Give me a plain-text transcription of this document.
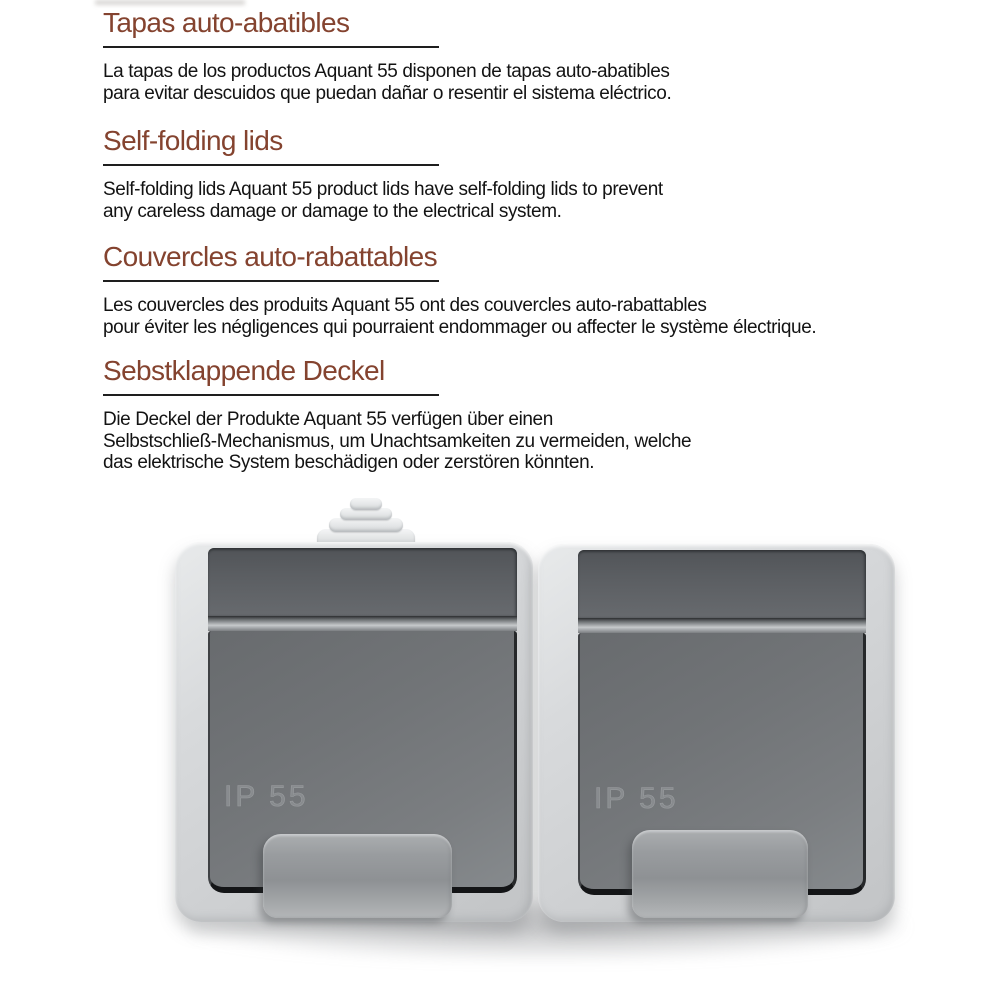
Tapas auto-abatibles

La tapas de los productos Aquant 55 disponen de tapas auto-abatibles
para evitar descuidos que puedan dañar o resentir el sistema eléctrico.

Self-folding lids

Self-folding lids Aquant 55 product lids have self-folding lids to prevent
any careless damage or damage to the electrical system.

Couvercles auto-rabattables

Les couvercles des produits Aquant 55 ont des couvercles auto-rabattables
pour éviter les négligences qui pourraient endommager ou affecter le système électrique.

Sebstklappende Deckel

Die Deckel der Produkte Aquant 55 verfügen über einen
Selbstschließ-Mechanismus, um Unachtsamkeiten zu vermeiden, welche
das elektrische System beschädigen oder zerstören könnten.

IP 55	IP 55
